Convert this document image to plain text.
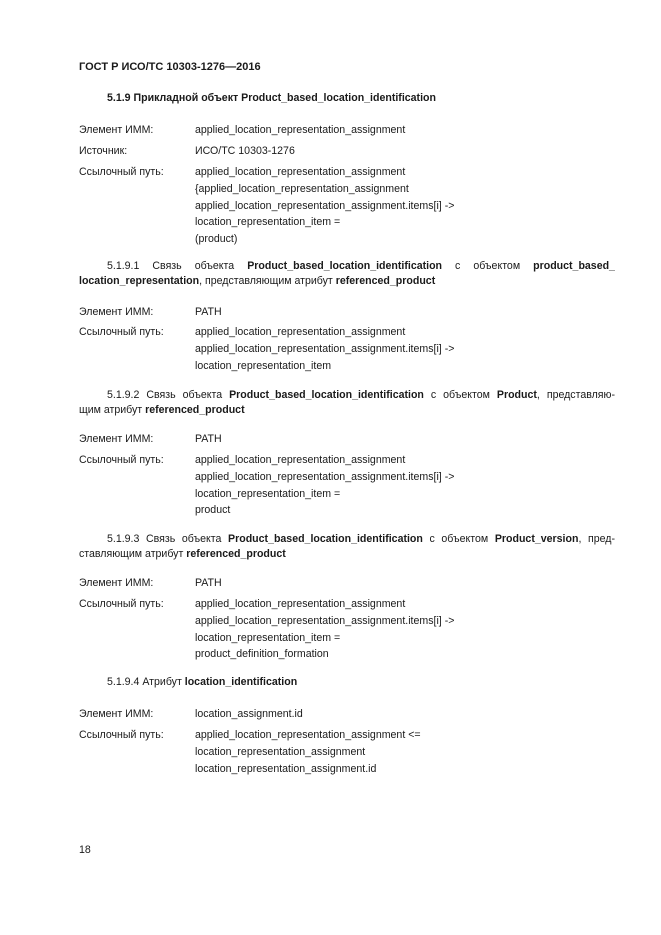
ГОСТ Р ИСО/ТС 10303-1276—2016
5.1.9 Прикладной объект Product_based_location_identification
Элемент ИММ:	applied_location_representation_assignment
Источник:	ИСО/ТС 10303-1276
Ссылочный путь:	applied_location_representation_assignment
{applied_location_representation_assignment
applied_location_representation_assignment.items[i] ->
location_representation_item =
(product)
5.1.9.1 Связь объекта Product_based_location_identification с объектом product_based_
location_representation, представляющим атрибут referenced_product
Элемент ИММ:	PATH
Ссылочный путь:	applied_location_representation_assignment
applied_location_representation_assignment.items[i] ->
location_representation_item
5.1.9.2 Связь объекта Product_based_location_identification с объектом Product, представляю-
щим атрибут referenced_product
Элемент ИММ:	PATH
Ссылочный путь:	applied_location_representation_assignment
applied_location_representation_assignment.items[i] ->
location_representation_item =
product
5.1.9.3 Связь объекта Product_based_location_identification с объектом Product_version, пред-
ставляющим атрибут referenced_product
Элемент ИММ:	PATH
Ссылочный путь:	applied_location_representation_assignment
applied_location_representation_assignment.items[i] ->
location_representation_item =
product_definition_formation
5.1.9.4 Атрибут location_identification
Элемент ИММ:	location_assignment.id
Ссылочный путь:	applied_location_representation_assignment <=
location_representation_assignment
location_representation_assignment.id
18
